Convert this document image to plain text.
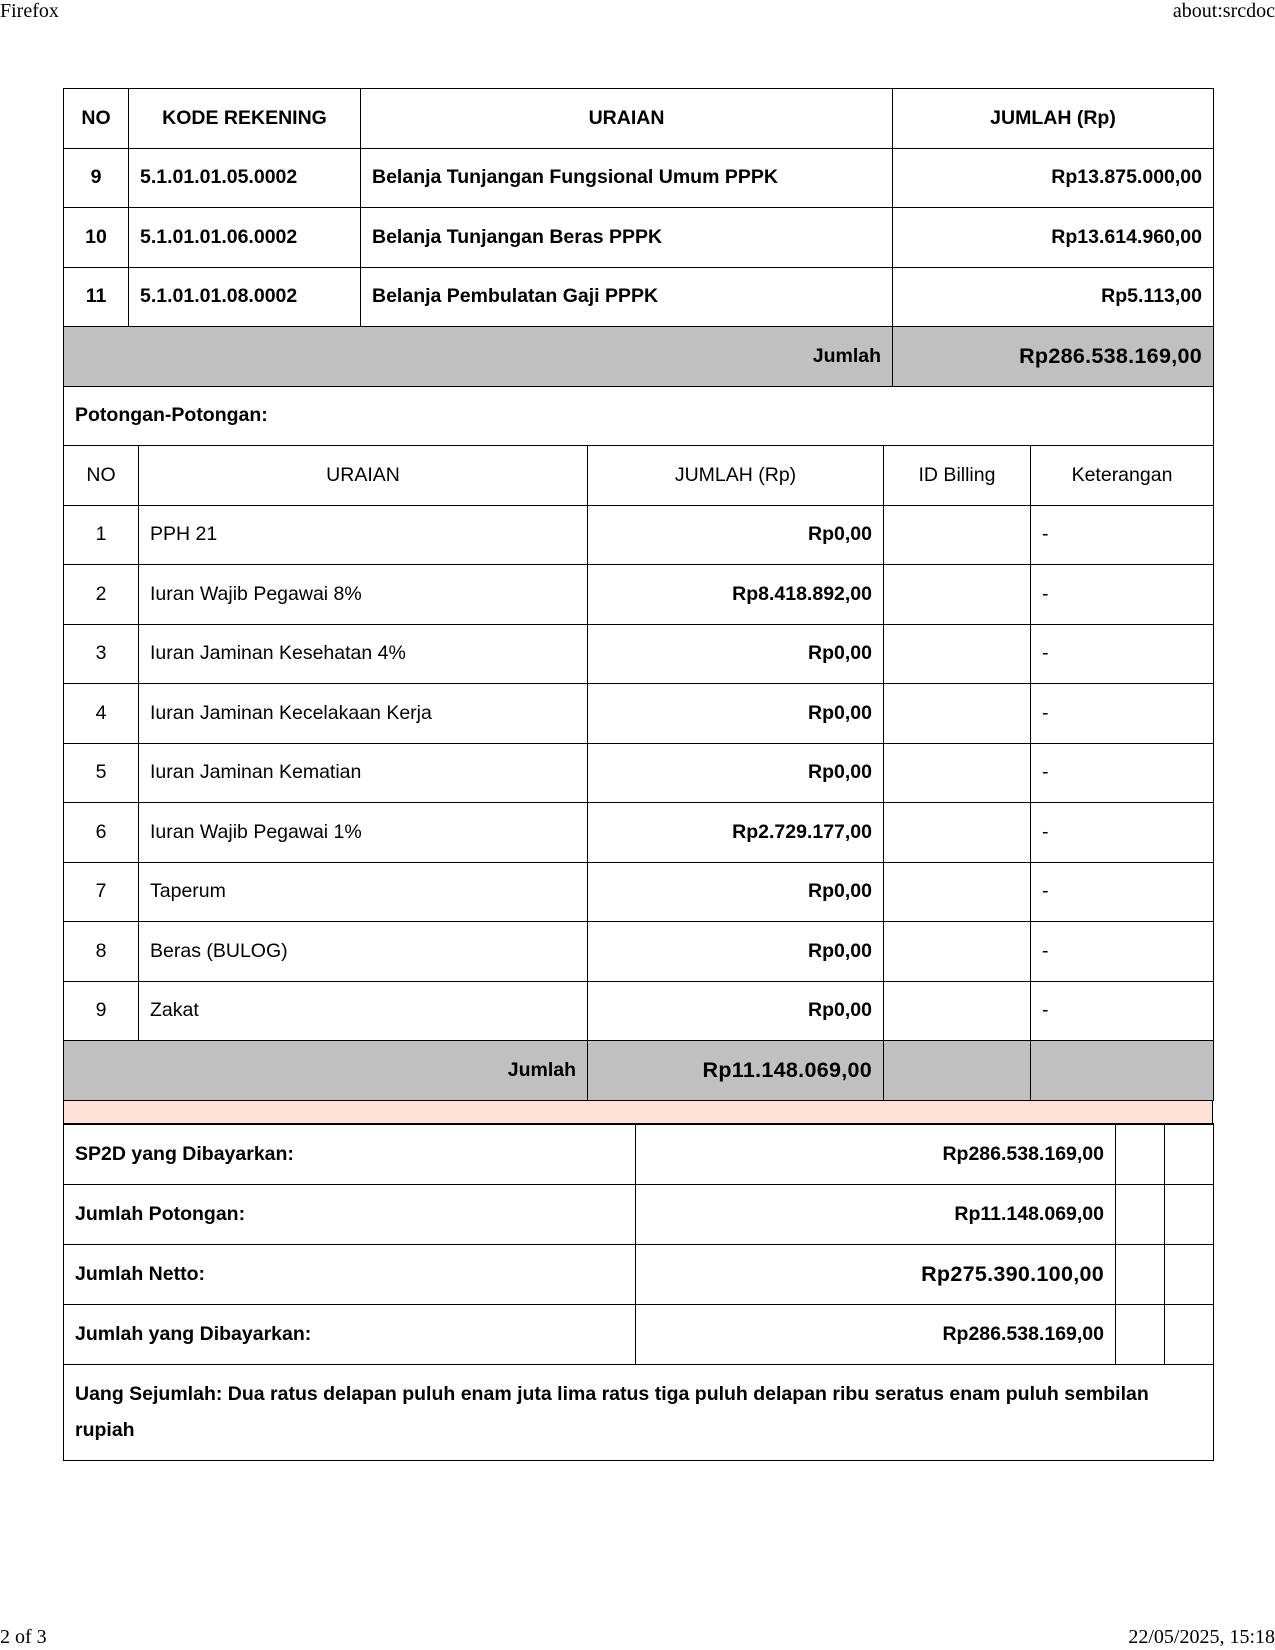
Firefox	about:srcdoc
NO	KODE REKENING	URAIAN	JUMLAH (Rp)
9	5.1.01.01.05.0002	Belanja Tunjangan Fungsional Umum PPPK	Rp13.875.000,00
10	5.1.01.01.06.0002	Belanja Tunjangan Beras PPPK	Rp13.614.960,00
11	5.1.01.01.08.0002	Belanja Pembulatan Gaji PPPK	Rp5.113,00
Jumlah			Rp286.538.169,00
Potongan-Potongan:			
NO	URAIAN	JUMLAH (Rp)	ID Billing	Keterangan
1	PPH 21	Rp0,00		-
2	Iuran Wajib Pegawai 8%	Rp8.418.892,00		-
3	Iuran Jaminan Kesehatan 4%	Rp0,00		-
4	Iuran Jaminan Kecelakaan Kerja	Rp0,00		-
5	Iuran Jaminan Kematian	Rp0,00		-
6	Iuran Wajib Pegawai 1%	Rp2.729.177,00		-
7	Taperum	Rp0,00		-
8	Beras (BULOG)	Rp0,00		-
9	Zakat	Rp0,00		-
Jumlah		Rp11.148.069,00		
SP2D yang Dibayarkan:	Rp286.538.169,00		
Jumlah Potongan:	Rp11.148.069,00		
Jumlah Netto:	Rp275.390.100,00		
Jumlah yang Dibayarkan:	Rp286.538.169,00		
Uang Sejumlah: Dua ratus delapan puluh enam juta lima ratus tiga puluh delapan ribu seratus enam puluh sembilan rupiah			
2 of 3	22/05/2025, 15:18
